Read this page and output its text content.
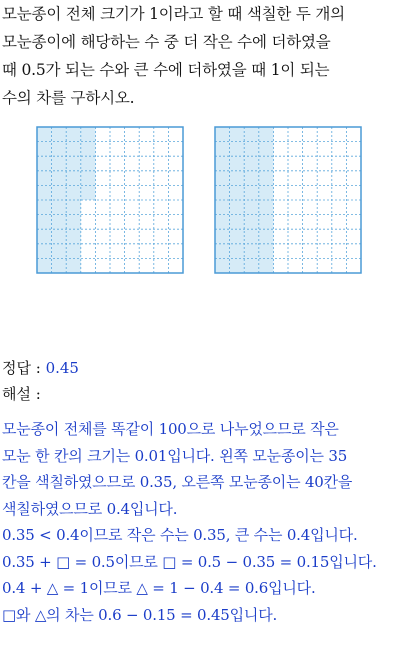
모눈종이 전체 크기가 1이라고 할 때 색칠한 두 개의
모눈종이에 해당하는 수 중 더 작은 수에 더하였을
때 0.5가 되는 수와 큰 수에 더하였을 때 1이 되는
수의 차를 구하시오.
정답 : 0.45
해설 :
모눈종이 전체를 똑같이 100으로 나누었으므로 작은
모눈 한 칸의 크기는 0.01입니다. 왼쪽 모눈종이는 35
칸을 색칠하였으므로 0.35, 오른쪽 모눈종이는 40칸을
색칠하였으므로 0.4입니다.
0.35 < 0.4이므로 작은 수는 0.35, 큰 수는 0.4입니다.
0.35 + □ = 0.5이므로 □ = 0.5 − 0.35 = 0.15입니다.
0.4 + △ = 1이므로 △ = 1 − 0.4 = 0.6입니다.
□와 △의 차는 0.6 − 0.15 = 0.45입니다.
